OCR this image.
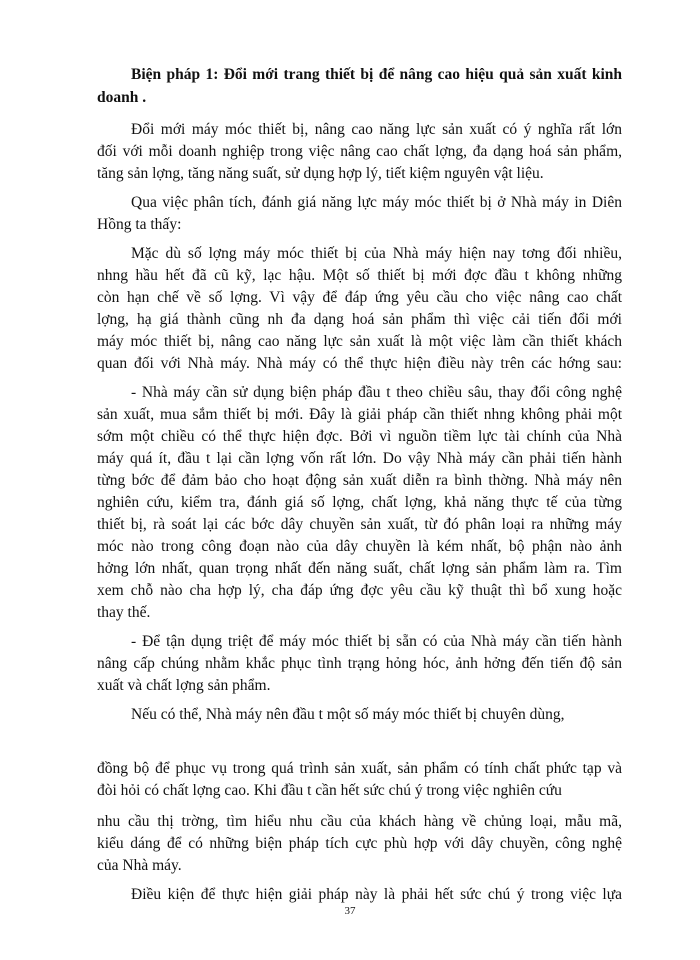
Biện pháp 1: Đổi mới trang thiết bị để nâng cao hiệu quả sản xuất kinh
doanh .
Đổi mới máy móc thiết bị, nâng cao năng lực sản xuất có ý nghĩa rất lớn
đối với mỗi doanh nghiệp trong việc nâng cao chất lợng, đa dạng hoá sản phẩm,
tăng sản lợng, tăng năng suất, sử dụng hợp lý, tiết kiệm nguyên vật liệu.
Qua việc phân tích, đánh giá năng lực máy móc thiết bị ở Nhà máy in Diên
Hồng ta thấy:
Mặc dù số lợng máy móc thiết bị của Nhà máy hiện nay tơng đối nhiều,
nhng hầu hết đã cũ kỹ, lạc hậu. Một số thiết bị mới đợc đầu t không những
còn hạn chế về số lợng. Vì vậy để đáp ứng yêu cầu cho việc nâng cao chất
lợng, hạ giá thành cũng nh đa dạng hoá sản phẩm thì việc cải tiến đổi mới
máy móc thiết bị, nâng cao năng lực sản xuất là một việc làm cần thiết khách
quan đối với Nhà máy. Nhà máy có thể thực hiện điều này trên các hớng sau:
- Nhà máy cần sử dụng biện pháp đầu t theo chiều sâu, thay đổi công nghệ
sản xuất, mua sắm thiết bị mới. Đây là giải pháp cần thiết nhng không phải một
sớm một chiều có thể thực hiện đợc. Bởi vì nguồn tiềm lực tài chính của Nhà
máy quá ít, đầu t lại cần lợng vốn rất lớn. Do vậy Nhà máy cần phải tiến hành
từng bớc để đảm bảo cho hoạt động sản xuất diễn ra bình thờng. Nhà máy nên
nghiên cứu, kiểm tra, đánh giá số lợng, chất lợng, khả năng thực tế của từng
thiết bị, rà soát lại các bớc dây chuyền sản xuất, từ đó phân loại ra những máy
móc nào trong công đoạn nào của dây chuyền là kém nhất, bộ phận nào ảnh
hởng lớn nhất, quan trọng nhất đến năng suất, chất lợng sản phẩm làm ra. Tìm
xem chỗ nào cha hợp lý, cha đáp ứng đợc yêu cầu kỹ thuật thì bổ xung hoặc
thay thế.
- Để tận dụng triệt để máy móc thiết bị sẵn có của Nhà máy cần tiến hành
nâng cấp chúng nhằm khắc phục tình trạng hỏng hóc, ảnh hởng đến tiến độ sản
xuất và chất lợng sản phẩm.
Nếu có thể, Nhà máy nên đầu t một số máy móc thiết bị chuyên dùng,
đồng bộ để phục vụ trong quá trình sản xuất, sản phẩm có tính chất phức tạp và
đòi hỏi có chất lợng cao. Khi đầu t cần hết sức chú ý trong việc nghiên cứu
nhu cầu thị trờng, tìm hiểu nhu cầu của khách hàng về chủng loại, mẫu mã,
kiểu dáng để có những biện pháp tích cực phù hợp với dây chuyền, công nghệ
của Nhà máy.
Điều kiện để thực hiện giải pháp này là phải hết sức chú ý trong việc lựa
37
